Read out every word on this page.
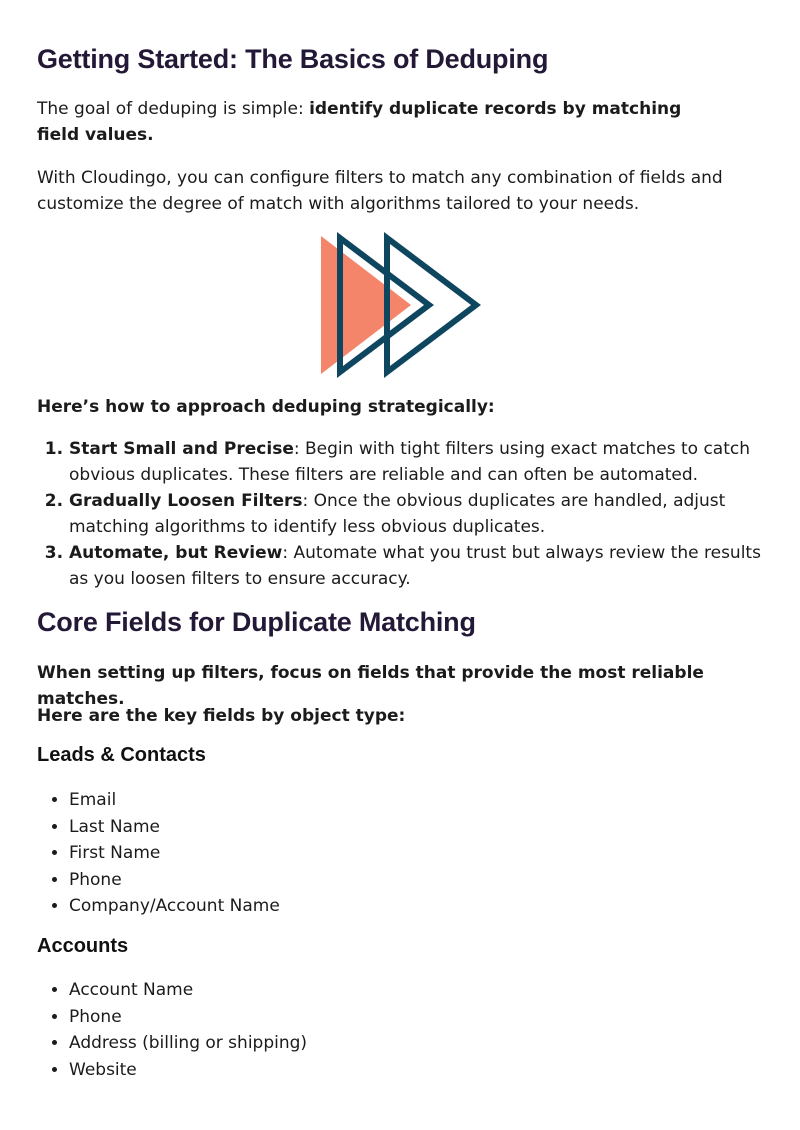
Getting Started: The Basics of Deduping

The goal of deduping is simple: identify duplicate records by matching field values.

With Cloudingo, you can configure filters to match any combination of fields and customize the degree of match with algorithms tailored to your needs.

Here’s how to approach deduping strategically:

1. Start Small and Precise: Begin with tight filters using exact matches to catch obvious duplicates. These filters are reliable and can often be automated.
2. Gradually Loosen Filters: Once the obvious duplicates are handled, adjust matching algorithms to identify less obvious duplicates.
3. Automate, but Review: Automate what you trust but always review the results as you loosen filters to ensure accuracy.
Core Fields for Duplicate Matching

When setting up filters, focus on fields that provide the most reliable matches.

Here are the key fields by object type:

Leads & Contacts
• Email
• Last Name
• First Name
• Phone
• Company/Account Name
Accounts
• Account Name
• Phone
• Address (billing or shipping)
• Website
